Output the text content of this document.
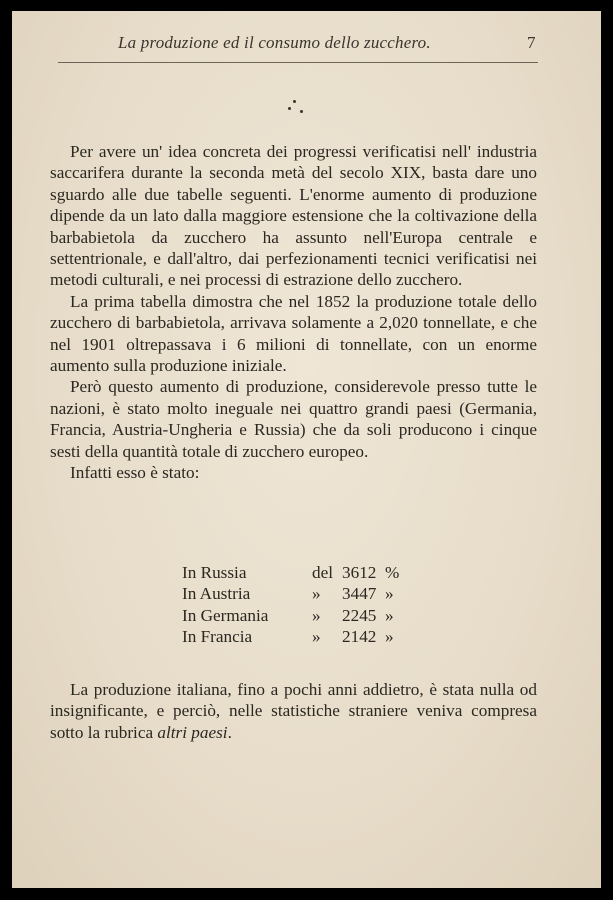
La produzione ed il consumo dello zucchero.	7

Per avere un' idea concreta dei progressi verificatisi nell' industria saccarifera durante la seconda metà del secolo XIX, basta dare uno sguardo alle due tabelle seguenti. L'enorme aumento di produzione dipende da un lato dalla maggiore estensione che la coltivazione della barbabietola da zucchero ha assunto nell'Europa centrale e settentrionale, e dall'altro, dai perfezionamenti tecnici verificatisi nei metodi culturali, e nei processi di estrazione dello zucchero.

La prima tabella dimostra che nel 1852 la produzione totale dello zucchero di barbabietola, arrivava solamente a 2,020 tonnellate, e che nel 1901 oltrepassava i 6 milioni di tonnellate, con un enorme aumento sulla produzione iniziale.

Però questo aumento di produzione, considerevole presso tutte le nazioni, è stato molto ineguale nei quattro grandi paesi (Germania, Francia, Austria-Ungheria e Russia) che da soli producono i cinque sesti della quantità totale di zucchero europeo.

Infatti esso è stato:

In Russia	del 3612 %
In Austria	» 3447 »
In Germania	» 2245 »
In Francia	» 2142 »

La produzione italiana, fino a pochi anni addietro, è stata nulla od insignificante, e perciò, nelle statistiche straniere veniva compresa sotto la rubrica altri paesi.
